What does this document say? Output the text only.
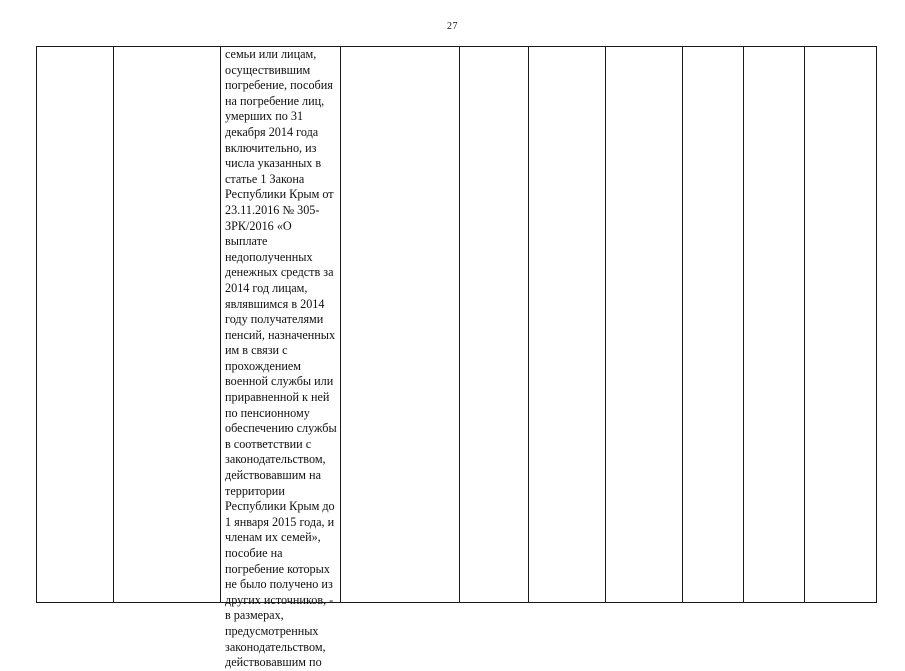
27

семьи или лицам,
осуществившим
погребение, пособия
на погребение лиц,
умерших по 31
декабря 2014 года
включительно, из
числа указанных в
статье 1 Закона
Республики Крым от
23.11.2016 № 305-
ЗРК/2016 «О выплате
недополученных
денежных средств за
2014 год лицам,
являвшимся в 2014
году получателями
пенсий, назначенных
им в связи с
прохождением
военной службы или
приравненной к ней
по пенсионному
обеспечению службы
в соответствии с
законодательством,
действовавшим на
территории
Республики Крым до
1 января 2015 года, и
членам их семей»,
пособие на
погребение которых
не было получено из
других источников, -
в размерах,
предусмотренных
законодательством,
действовавшим по
